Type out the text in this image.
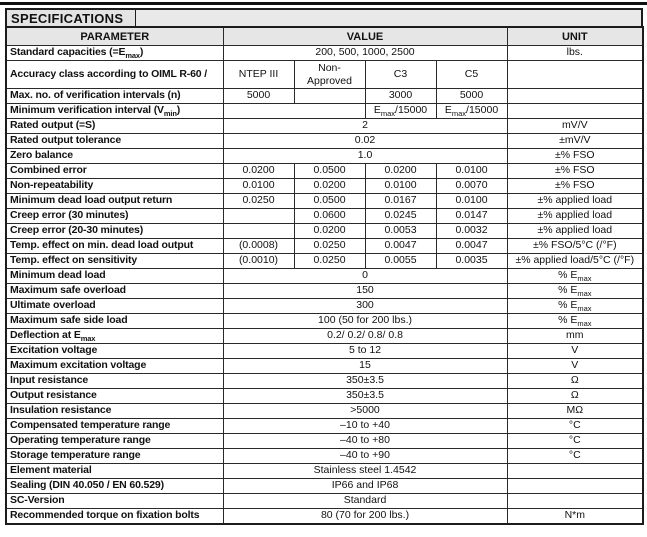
SPECIFICATIONS
PARAMETER	VALUE				UNIT
Standard capacities $(=E_{max})$	200, 500, 1000, 2500				lbs.
Accuracy class according to OIML R-60 /	NTEP III	Non-Approved	C3	C5	
Max. no. of verification intervals (n)	5000		3000	5000	
Minimum verification interval $(V_{min})$			$E_{max}/15000$	$E_{max}/15000$	
Rated output (=S)	2				mV/V
Rated output tolerance	0.02				±mV/V
Zero balance	1.0				±% FSO
Combined error	0.0200	0.0500	0.0200	0.0100	±% FSO
Non-repeatability	0.0100	0.0200	0.0100	0.0070	±% FSO
Minimum dead load output return	0.0250	0.0500	0.0167	0.0100	±% applied load
Creep error (30 minutes)		0.0600	0.0245	0.0147	±% applied load
Creep error (20-30 minutes)		0.0200	0.0053	0.0032	±% applied load
Temp. effect on min. dead load output	(0.0008)	0.0250	0.0047	0.0047	±% FSO/5°C (/°F)
Temp. effect on sensitivity	(0.0010)	0.0250	0.0055	0.0035	±% applied load/5°C (/°F)
Minimum dead load	0				% $E_{max}$
Maximum safe overload	150				% $E_{max}$
Ultimate overload	300				% $E_{max}$
Maximum safe side load	100 (50 for 200 lbs.)				% $E_{max}$
Deflection at $E_{max}$	0.2/ 0.2/ 0.8/ 0.8				mm
Excitation voltage	5 to 12				V
Maximum excitation voltage	15				V
Input resistance	350±3.5				Ω
Output resistance	350±3.5				Ω
Insulation resistance	>5000				MΩ
Compensated temperature range	–10 to +40				°C
Operating temperature range	–40 to +80				°C
Storage temperature range	–40 to +90				°C
Element material	Stainless steel 1.4542				
Sealing (DIN 40.050 / EN 60.529)	IP66 and IP68				
SC-Version	Standard				
Recommended torque on fixation bolts	80 (70 for 200 lbs.)				N*m
